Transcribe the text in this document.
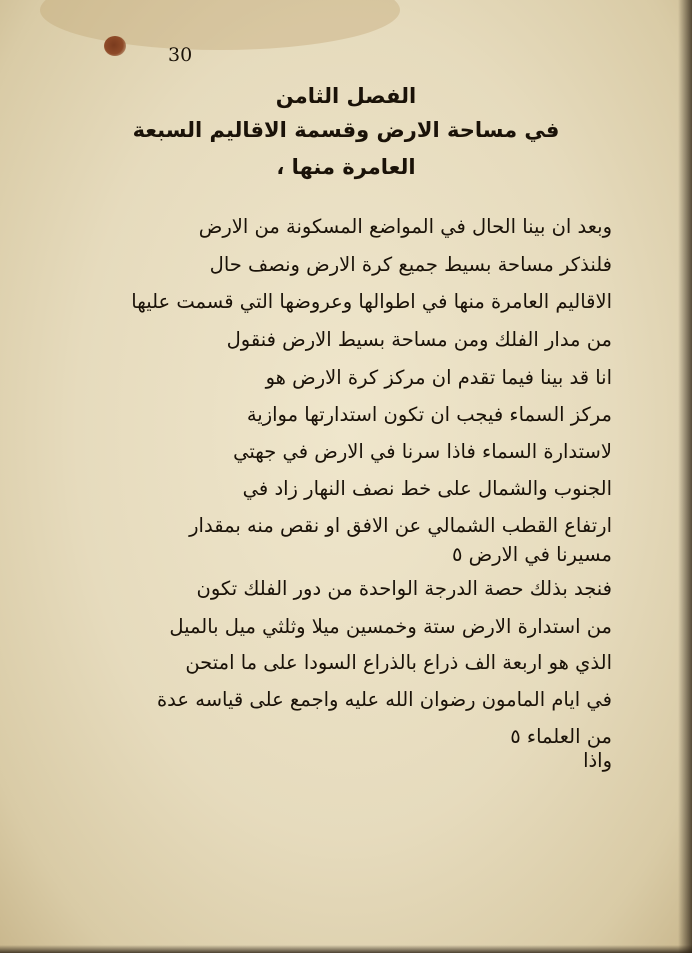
30
الفصل الثامن
في مساحة الارض وقسمة الاقاليم السبعة
العامرة منها ،
وبعد ان بينا الحال في المواضع المسكونة من الارض
فلنذكر مساحة بسيط جميع كرة الارض ونصف حال
الاقاليم العامرة منها في اطوالها وعروضها التي قسمت عليها
من مدار الفلك ومن مساحة بسيط الارض فنقول
انا قد بينا فيما تقدم ان مركز كرة الارض هو
مركز السماء فيجب ان تكون استدارتها موازية
لاستدارة السماء فاذا سرنا في الارض في جهتي
الجنوب والشمال على خط نصف النهار زاد في
ارتفاع القطب الشمالي عن الافق او نقص منه بمقدار
مسيرنا في الارض ٥
فنجد بذلك حصة الدرجة الواحدة من دور الفلك تكون
من استدارة الارض ستة وخمسين ميلا وثلثي ميل بالميل
الذي هو اربعة الف ذراع بالذراع السودا على ما امتحن
في ايام المامون رضوان الله عليه واجمع على قياسه عدة
من العلماء ٥
واذا
